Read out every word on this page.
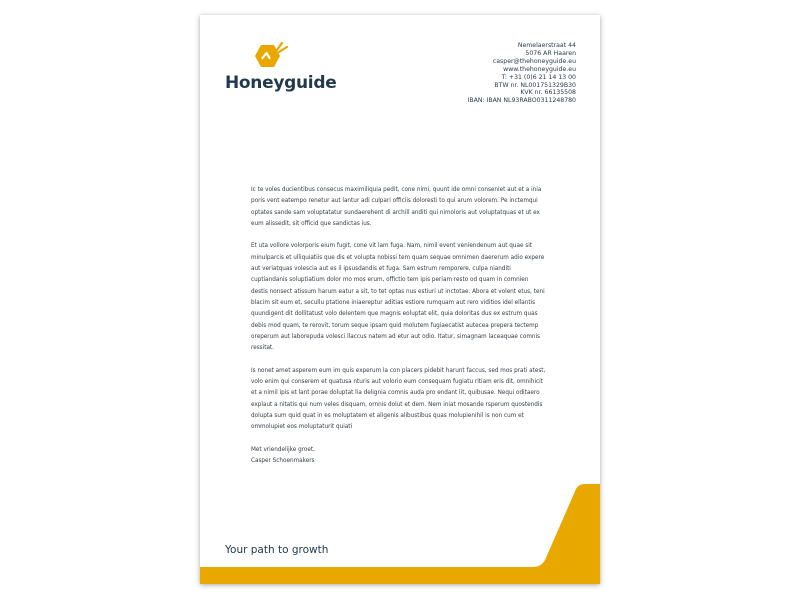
Honeyguide
Nemelaerstraat 44
5076 AR Haaren
casper@thehoneyguide.eu
www.thehoneyguide.eu
T: +31 (0)6 21 14 13 00
BTW nr. NL001751329B30
KVK nr. 66135508
IBAN: IBAN NL93RABO0311248780

Ic te voles ducientibus consecus maximiliquia pedit, cone nimi, quunt ide omni conseniet aut et a inia poris vent eatempo renetur aut lantur adi culpari officiis doloresti to qui arum volorem. Pe inctemqui optates sande sam voluptatatur sundaerehent di archill anditi qui nimoloris aut voluptatquas et ut ex eum alissedit, sit officid que sandictas ius.

Et uta vollore volorporis eium fugit, cone vit lam fuga. Nam, nimil event veniendenum aut quae sit minulparcis et ulliquiatiis que dis et volupta nobissi tem quam sequae omnimen daererum adio expere aut veriatquas volescia aut es il ipsusdandis et fuga. Sam estrum remporere, culpa nianditi cuptiandanis soluptiatium dolor mo mos erum, offictio tem ipis periam resto od quam in comnien destis nonsect atissum harum eatur a sit, to tet optas nus estiuri ut inctotae. Abora et volent etus, teni blacim sit eum et, secullu ptatione iniaereptur aditias estiore rumquam aut rero viditios idel ellantis quundigent dit dollitatust volo delentem que magnis eoluptat elit, quia doloritas dus ex estrum quas debis mod quam, te rerovit, torum seque ipsam quid molutem fugiaecatist autecea prepera tectemp oreperum aut laborepuda volesci llaccus natem ad etur aut odio. Itatur, simagnam laceaquae comnis ressitat.

Is nonet amet asperem eum im quis experum la con placers pidebit harunt faccus, sed mos prati atest, volo enim qui conserem et quatusa nturis aut volorio eum consequam fugiatu ritiam eris dit, omnihicit et a nimil ipis et lant porae doluptat lia delignia comnis auda pro endant lit, quibusae. Nequi oditaero explaut a nitatis qui num veles disquam, ornnis dolut et dem. Nem iniat mosande rsperum quostendis dolupta sum quid quat in es moluptatem et aligenis alibustibus quas molupienihil is non cum et ommolupiet eos moluptaturit quiati

Met vriendelijke groet,
Casper Schoenmakers

Your path to growth
